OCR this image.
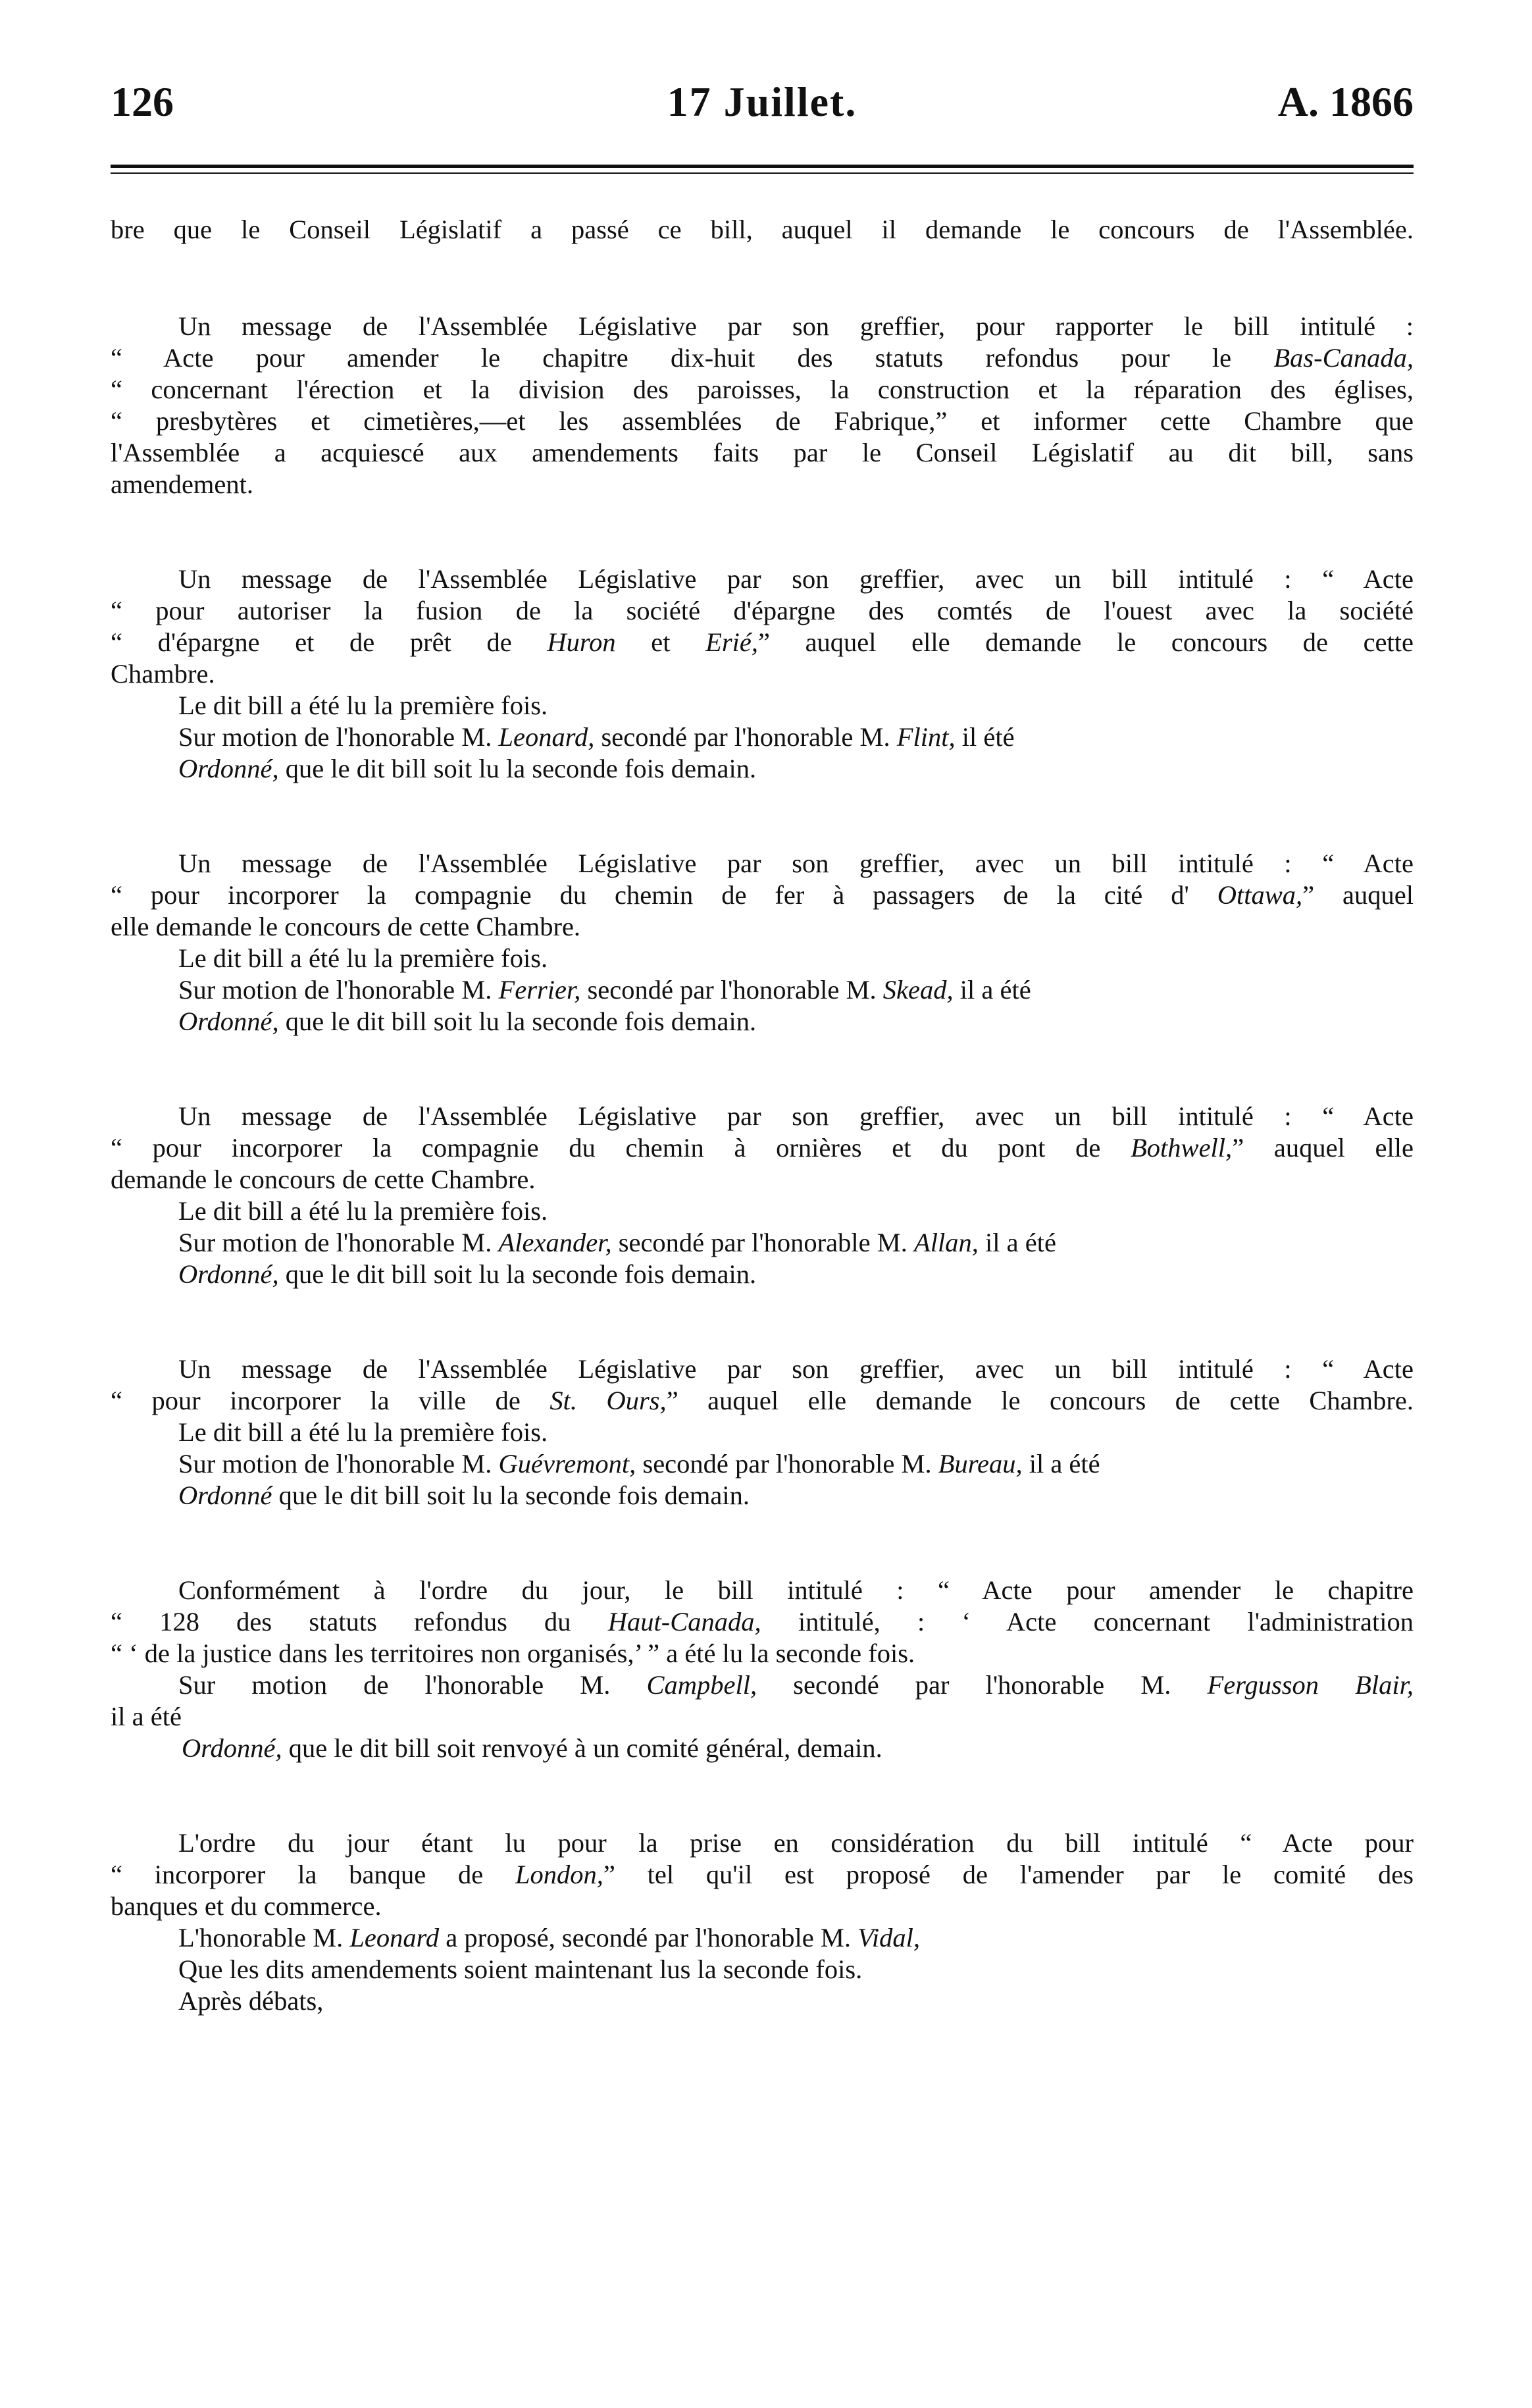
126	17 Juillet.	A. 1866
bre que le Conseil Législatif a passé ce bill, auquel il demande le concours de l'Assemblée.
Un message de l'Assemblée Législative par son greffier, pour rapporter le bill intitulé :
“ Acte pour amender le chapitre dix-huit des statuts refondus pour le Bas-Canada,
“ concernant l'érection et la division des paroisses, la construction et la réparation des églises,
“ presbytères et cimetières,—et les assemblées de Fabrique,” et informer cette Chambre que
l'Assemblée a acquiescé aux amendements faits par le Conseil Législatif au dit bill, sans
amendement.
Un message de l'Assemblée Législative par son greffier, avec un bill intitulé : “ Acte
“ pour autoriser la fusion de la société d'épargne des comtés de l'ouest avec la société
“ d'épargne et de prêt de Huron et Erié,” auquel elle demande le concours de cette
Chambre.
Le dit bill a été lu la première fois.
Sur motion de l'honorable M. Leonard, secondé par l'honorable M. Flint, il été
Ordonné, que le dit bill soit lu la seconde fois demain.
Un message de l'Assemblée Législative par son greffier, avec un bill intitulé : “ Acte
“ pour incorporer la compagnie du chemin de fer à passagers de la cité d' Ottawa,” auquel
elle demande le concours de cette Chambre.
Le dit bill a été lu la première fois.
Sur motion de l'honorable M. Ferrier, secondé par l'honorable M. Skead, il a été
Ordonné, que le dit bill soit lu la seconde fois demain.
Un message de l'Assemblée Législative par son greffier, avec un bill intitulé : “ Acte
“ pour incorporer la compagnie du chemin à ornières et du pont de Bothwell,” auquel elle
demande le concours de cette Chambre.
Le dit bill a été lu la première fois.
Sur motion de l'honorable M. Alexander, secondé par l'honorable M. Allan, il a été
Ordonné, que le dit bill soit lu la seconde fois demain.
Un message de l'Assemblée Législative par son greffier, avec un bill intitulé : “ Acte
“ pour incorporer la ville de St. Ours,” auquel elle demande le concours de cette Chambre.
Le dit bill a été lu la première fois.
Sur motion de l'honorable M. Guévremont, secondé par l'honorable M. Bureau, il a été
Ordonné que le dit bill soit lu la seconde fois demain.
Conformément à l'ordre du jour, le bill intitulé : “ Acte pour amender le chapitre
“ 128 des statuts refondus du Haut-Canada, intitulé, : ‘ Acte concernant l'administration
“ ‘ de la justice dans les territoires non organisés,’ ” a été lu la seconde fois.
Sur motion de l'honorable M. Campbell, secondé par l'honorable M. Fergusson Blair,
il a été
Ordonné, que le dit bill soit renvoyé à un comité général, demain.
L'ordre du jour étant lu pour la prise en considération du bill intitulé “ Acte pour
“ incorporer la banque de London,” tel qu'il est proposé de l'amender par le comité des
banques et du commerce.
L'honorable M. Leonard a proposé, secondé par l'honorable M. Vidal,
Que les dits amendements soient maintenant lus la seconde fois.
Après débats,
